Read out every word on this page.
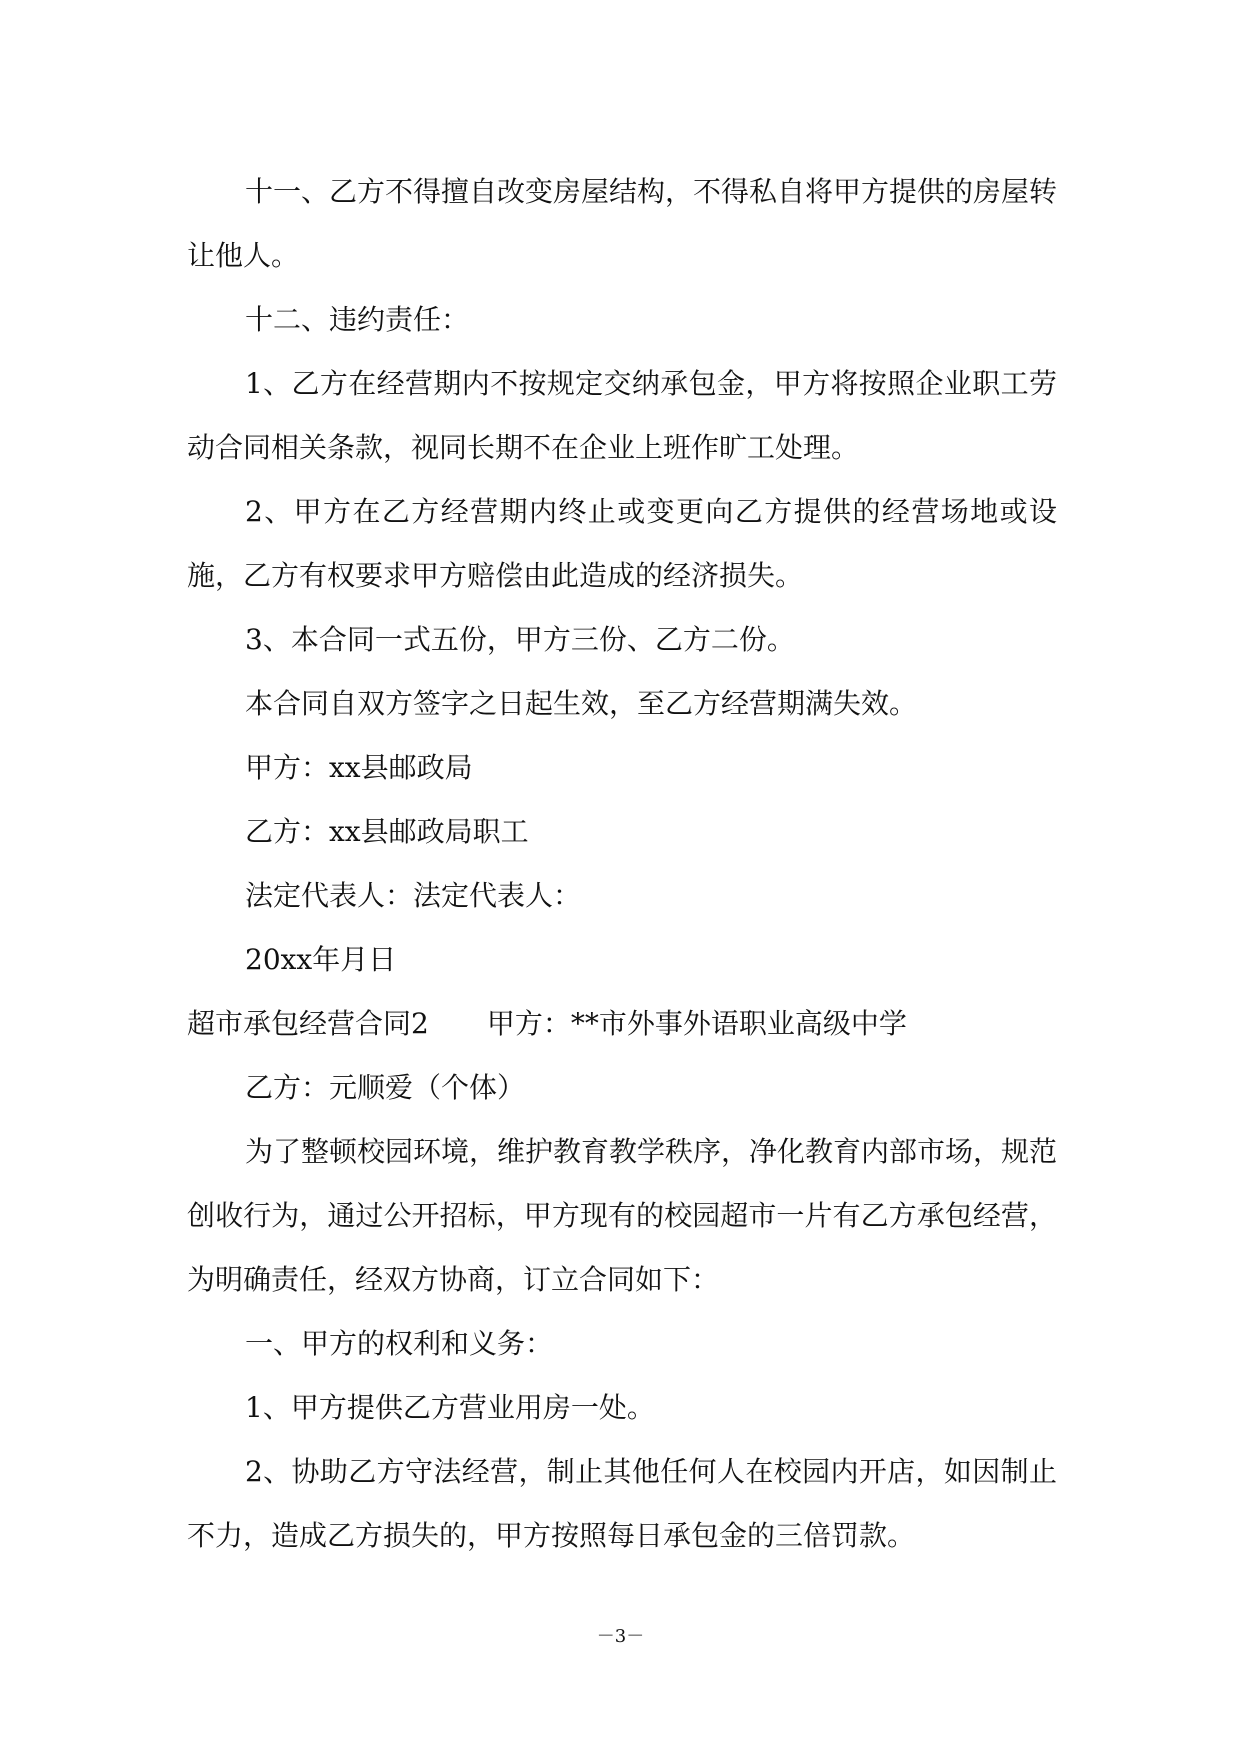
十一、乙方不得擅自改变房屋结构，不得私自将甲方提供的房屋转让他人。

十二、违约责任：

1、乙方在经营期内不按规定交纳承包金，甲方将按照企业职工劳动合同相关条款，视同长期不在企业上班作旷工处理。

2、甲方在乙方经营期内终止或变更向乙方提供的经营场地或设施，乙方有权要求甲方赔偿由此造成的经济损失。

3、本合同一式五份，甲方三份、乙方二份。

本合同自双方签字之日起生效，至乙方经营期满失效。

甲方：xx县邮政局

乙方：xx县邮政局职工

法定代表人：法定代表人：

20xx年月日

超市承包经营合同2 甲方：**市外事外语职业高级中学

乙方：元顺爱（个体）

为了整顿校园环境，维护教育教学秩序，净化教育内部市场，规范创收行为，通过公开招标，甲方现有的校园超市一片有乙方承包经营，为明确责任，经双方协商，订立合同如下：

一、甲方的权利和义务：

1、甲方提供乙方营业用房一处。

2、协助乙方守法经营，制止其他任何人在校园内开店，如因制止不力，造成乙方损失的，甲方按照每日承包金的三倍罚款。

－3－
